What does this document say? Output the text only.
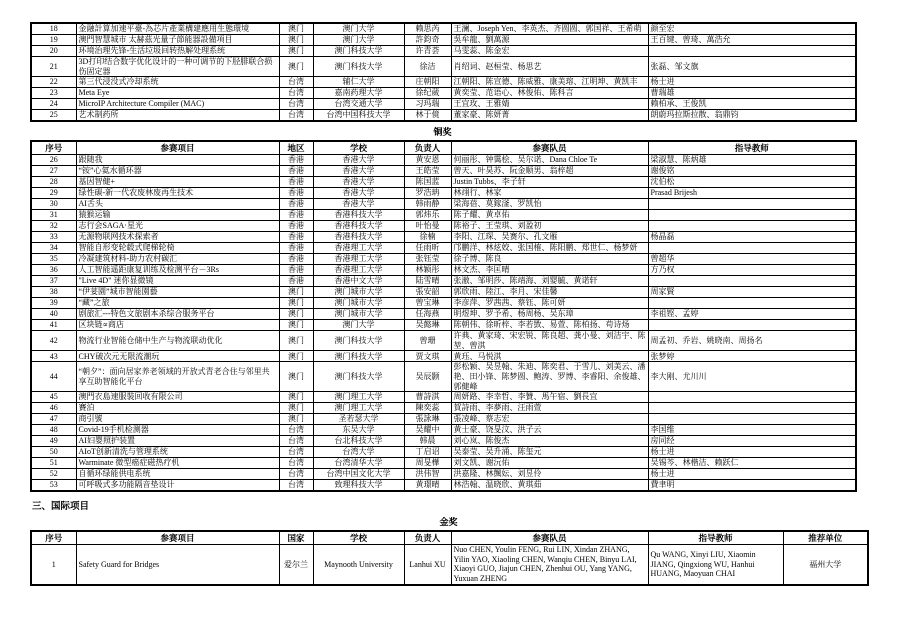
18	金融計算加速平臺-為芯片產業構建應用生態環境	澳门	澳门大学	赖思芮	王澜、Joseph Yen、李英杰、齐圆圆、郭国祥、王希萌	颜至宏
19	澳門智慧城市 太赫茲光量子節能器設備項目	澳门	澳门大学	許鈞奇	吳牟龍、劉萬源	王百键、曾琦、萬浩允
20	环境治理先锋-生活垃圾回转热解处理系统	澳门	澳门科技大学	许青荟	马雯蕊、陈金宏	
21	3D打印结合数字优化设计的一种可调节的下胫腓联合损伤固定器	澳门	澳门科技大学	徐洁	肖绍词、赵桓莹、杨思艺	张磊、邹文旗
22	第三代浸没式冷却系统	台湾	辅仁大学	庄朝阳	江朝阳、陈宣德、陈威雅、康美瑢、江明坤、黄凯丰	杨士进
23	Meta Eye	台湾	嘉南药理大学	徐纪葳	黄奕莹、范语心、林俊佑、陈科言	曹瑞雄
24	MicroIP Architecture Compiler (MAC)	台湾	台湾交通大学	习玛瑞	王宜玫、王雅婧	赖柏承、王俊凯
25	艺术制药所	台湾	台湾中国科技大学	林于傹	董家豪、陈妍菁	朗蔚玛拉斯拉散、翁鼎钧
铜奖
序号	参赛项目	地区	学校	负责人	参赛队员	指导教师
26	跟随我	香港	香港大学	黄安恩	何丽彤、钟霭桧、吴尔诺、Dana Chloe Te	梁淑慧、陈炳雄
27	“铵”心氦水循环器	香港	香港大学	王皓莹	曾天、叶昊苏、阮金顺男、翁梓超	谢俊铭
28	基因智健+	香港	香港大学	陈国蓝	Justin Tubbs、李子轩	沈伯松
29	绿性碳-新一代农废林废再生技术	香港	香港大学	罗浩珃	林翊行、林家	Prasad Brijesh
30	AI舌头	香港	香港大学	韩雨静	梁海蓓、莫鎵滏、罗凯怡	
31	猿猴运输	香港	香港科技大学	郭炜乐	陈子耀、黄卓佑	
32	志行会SAGA·星光	香港	香港科技大学	叶怡曼	陈裕子、王莹琪、刘盈初	
33	无源物联网技术探索者	香港	香港科技大学	徐楠	李阳、江琛、吴赛尔、孔文雁	杨晶磊
34	智能自形变轮毂式爬梯轮椅	香港	香港理工大学	任雨昕	邝鹏洋、林炫姣、张国榷、陈阳鹏、郑世仁、杨梦妍	
35	冷凝建筑材料-助力农村碳汇	香港	香港理工大学	张钰莹	徐子博、陈良	曾超华
36	人工智能遥距康复训练及检测平台－3Rs	香港	香港理工大学	林颖彤	林文杰、李匡晴	方乃权
37	"Live 4D" 迷你显微镜	香港	香港中文大学	陆雪晴	张澈、邹明莎、陈靖海、刘婴毓、黄诺轩	
38	“伊荽園”城市智能園藝	澳门	澳门城市大学	張安韶	郭欣雨、陸江、李月、宋佳馨	周家賢
39	“藏”之旅	澳门	澳门城市大学	曾宝琳	李彦萍、罗茜茜、蔡钰、陈可妍	
40	剧旅汇---特色文旅剧本杀综合服务平台	澳门	澳门城市大学	任海燕	明煜坤、罗予希、杨周杨、吴东璋	李祖铿、孟婷
41	区块链∝商店	澳门	澳门大学	吴懿琳	陈朝伟、徐昕梓、李若敳、易萱、陈柏扬、苟诗炀	
42	物流行业智能仓储中生产与物流联动优化	澳门	澳门科技大学	曾珊	许典、黄家琦、宋宏锐、陈良超、龚小曼、刘洁宇、陈堃、曾淇	周孟初、乔岩、姚晓南、周扬名
43	CHY破次元无限流潮玩	澳门	澳门科技大学	贾文琪	黄珏、马悦淇	张梦婷
44	“朝夕”：面向居家养老领域的开放式青老合住与邻里共享互助智能化平台	澳门	澳门科技大学	吴辰颢	彭松颖、吴昱翰、朱迪、陈奕君、于雪儿、刘美云、潘艳、田小锋、陈梦圆、鲍涛、罗博、李睿阳、余俊雄、郭健峰	李大刚、尤川川
45	澳門衣島速服裝回收有限公司	澳门	澳门理工大学	曹詩淇	周妍路、李幸哲、李贊、馬午宿、劉長宜	
46	賽泊	澳门	澳门理工大学	陳奕蕊	賀詩雨、李夢雨、汪雨萱	
47	商引號	澳门	圣若瑟大学	張詠琳	張凌峰、蔡志宏	
48	Covid-19手机检测器	台湾	东吴大学	吴耀中	黄士豪、饶旻汶、洪子云	李国维
49	AI妇婴照护装置	台湾	台北科技大学	韩晨	刘心岚、陈俊杰	房同经
50	AIoT创新清洗与管理系统	台湾	台湾大学	丁启诏	吴泰莹、吴升涌、陈玺元	杨士进
51	Warminate 微型癌症磁热疗机	台湾	台湾清华大学	周旻樺	刘文凯、谢沅佑	吴锡芩、林楷洁、赖跃仁
52	自循环绿能供电系统	台湾	台湾中国文化大学	洪伟智	洪嘉隆、林颽妘、刘昱伶	杨士进
53	可呼吸式多功能隔音垫设计	台湾	致理科技大学	黄璟晴	林浩翰、温晓欣、黄琪茹	費聿明
三、国际项目
金奖
序号	参赛项目	国家	学校	负责人	参赛队员	指导教师	推荐单位
1	Safety Guard for Bridges	爱尔兰	Maynooth University	Lanhui XU	Nuo CHEN, Youlin FENG, Rui LIN, Xindan ZHANG, Yilin YAO, Xiaoling CHEN, Wanqiu CHEN, Binyu LAI, Xiaoyi GUO, Jiajun CHEN, Zhenhui OU, Yang YANG, Yuxuan ZHENG	Qu WANG, Xinyi LIU, Xiaomin JIANG, Qingxiong WU, Hanhui HUANG, Maoyuan CHAI	福州大学
